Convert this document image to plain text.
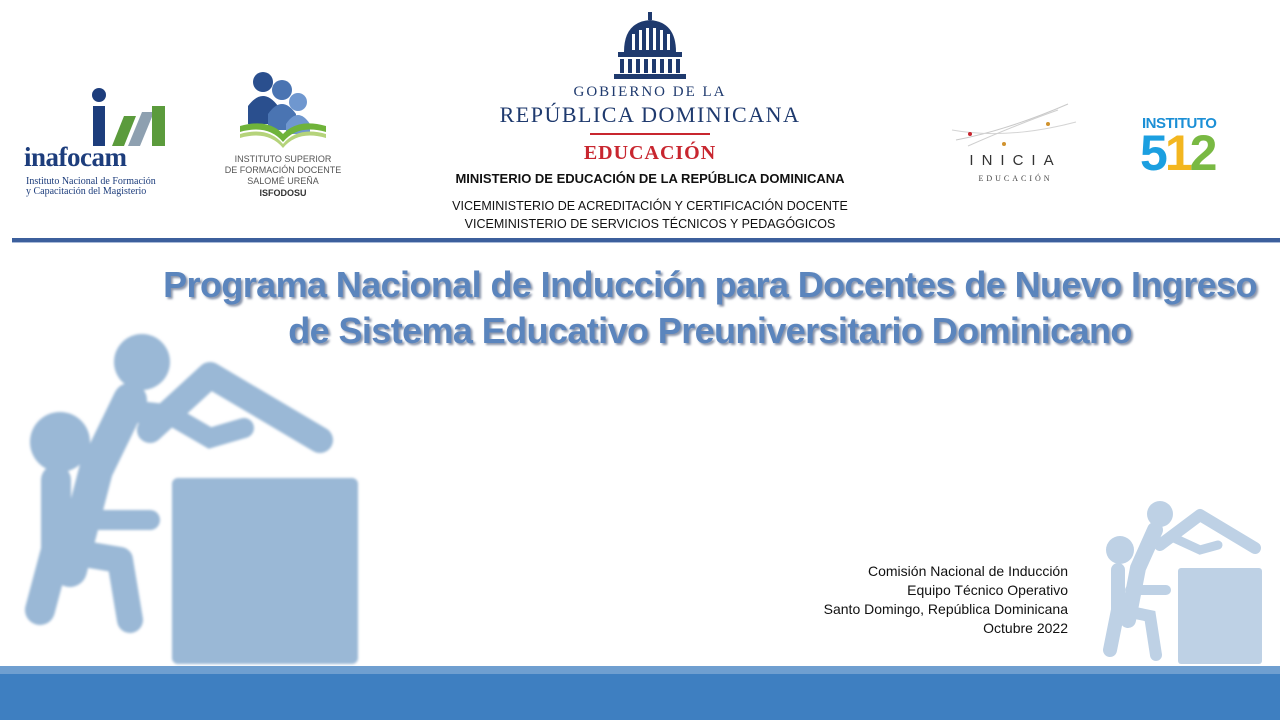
inafocam
Instituto Nacional de Formación
y Capacitación del Magisterio
INSTITUTO SUPERIOR
DE FORMACIÓN DOCENTE
SALOMÉ UREÑA
ISFODOSU
GOBIERNO DE LA
REPÚBLICA DOMINICANA
EDUCACIÓN
MINISTERIO DE EDUCACIÓN DE LA REPÚBLICA DOMINICANA
VICEMINISTERIO DE ACREDITACIÓN Y CERTIFICACIÓN DOCENTE
VICEMINISTERIO DE SERVICIOS TÉCNICOS Y PEDAGÓGICOS
INICIA
EDUCACIÓN
INSTITUTO
512
Programa Nacional de Inducción para Docentes de Nuevo Ingreso
de Sistema Educativo Preuniversitario Dominicano
Comisión Nacional de Inducción
Equipo Técnico Operativo
Santo Domingo, República Dominicana
Octubre 2022
